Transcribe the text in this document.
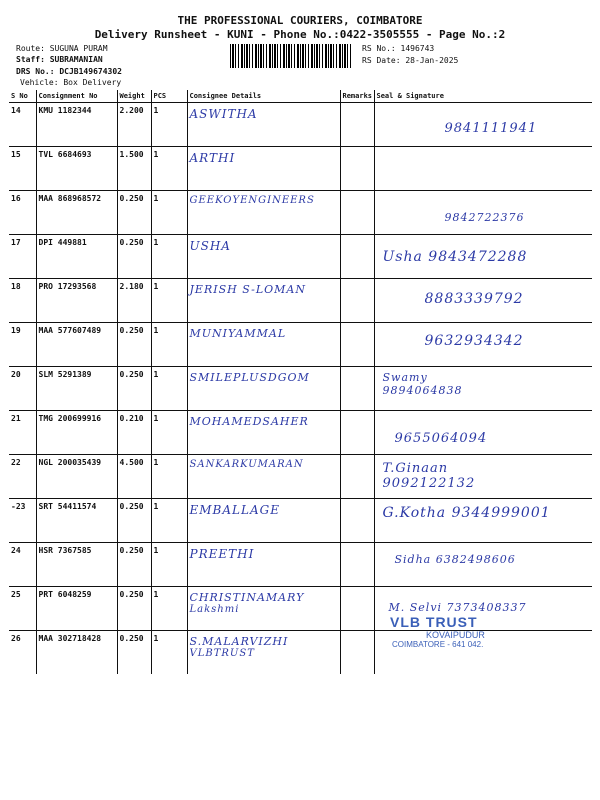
THE PROFESSIONAL COURIERS, COIMBATORE
Delivery Runsheet - KUNI - Phone No.:0422-3505555 - Page No.:2
Route: SUGUNA PURAM
Staff: SUBRAMANIAN
DRS No.: DCJB149674302
Vehicle: Box Delivery
RS No.: 1496743
RS Date: 28-Jan-2025
S No	Consignment No	Weight	PCS	Consignee Details	Remarks	Seal & Signature
14	KMU 1182344	2.200	1	ASWITHA		9841111941

15	TVL 6684693	1.500	1	ARTHI		

16	MAA 868968572	0.250	1	GEEKOYENGINEERS		9842722376

17	DPI 449881	0.250	1	USHA		Usha 9843472288

18	PRO 17293568	2.180	1	JERISH S-LOMAN		8883339792

19	MAA 577607489	0.250	1	MUNIYAMMAL		9632934342

20	SLM 5291389	0.250	1	SMILEPLUSDGOM		Swamy 9894064838

21	TMG 200699916	0.210	1	MOHAMEDSAHER		9655064094

22	NGL 200035439	4.500	1	SANKARKUMARAN		T.Ginaan 9092122132

-23	SRT 54411574	0.250	1	EMBALLAGE		G.Kotha 9344999001

24	HSR 7367585	0.250	1	PREETHI		Sidha 6382498606

25	PRT 6048259	0.250	1	CHRISTINAMARY
Lakshmi		M. Selvi 7373408337

26	MAA 302718428	0.250	1	S.MALARVIZHI
VLBTRUST		

VLB TRUST
KOVAIPUDUR
COIMBATORE - 641 042.
